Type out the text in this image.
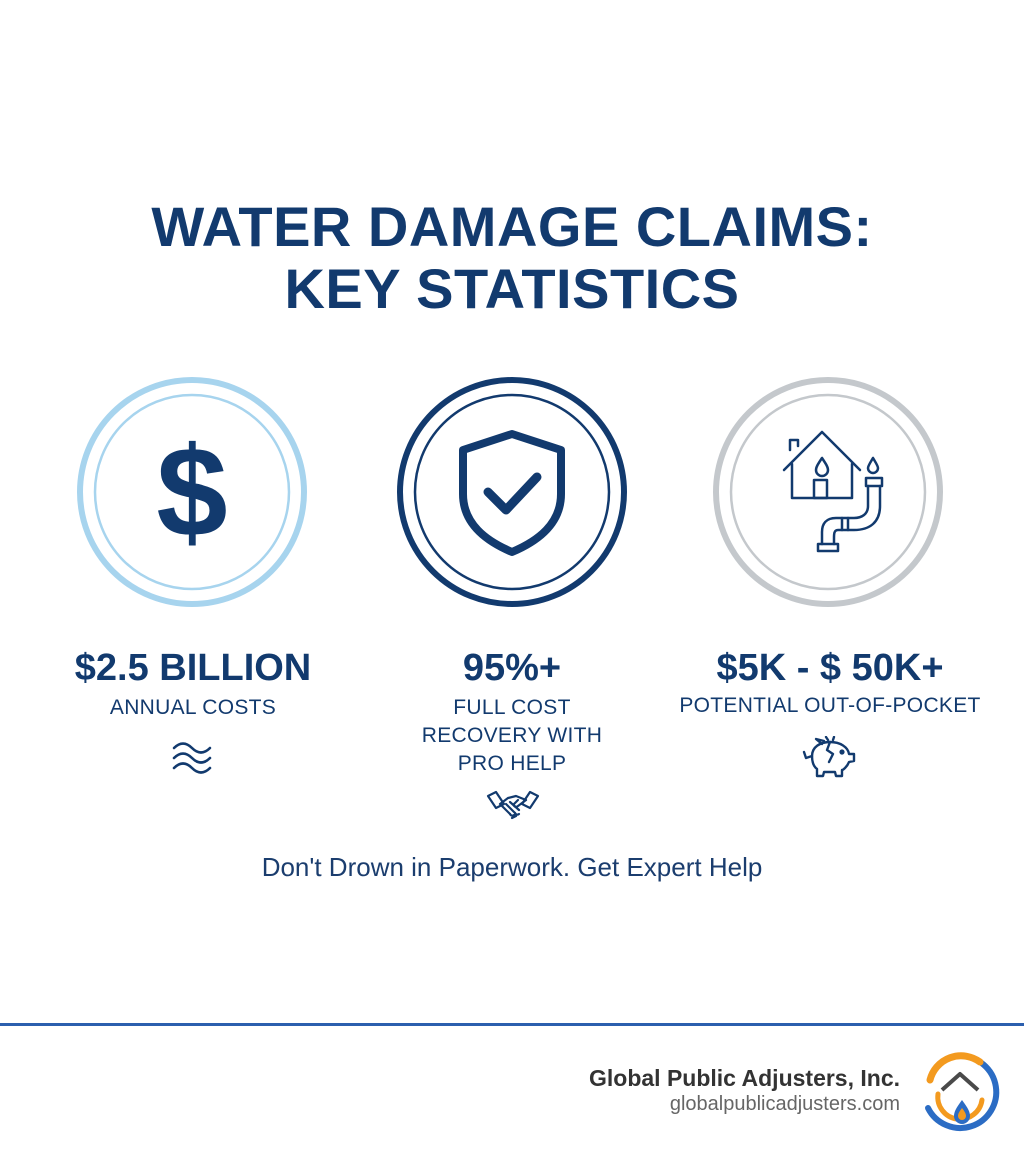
WATER DAMAGE CLAIMS:
KEY STATISTICS
$
$2.5 BILLION
ANNUAL COSTS
95%+
FULL COST
RECOVERY WITH
PRO HELP
$5K - $ 50K+
POTENTIAL OUT-OF-POCKET
Don't Drown in Paperwork. Get Expert Help
Global Public Adjusters, Inc.
globalpublicadjusters.com
